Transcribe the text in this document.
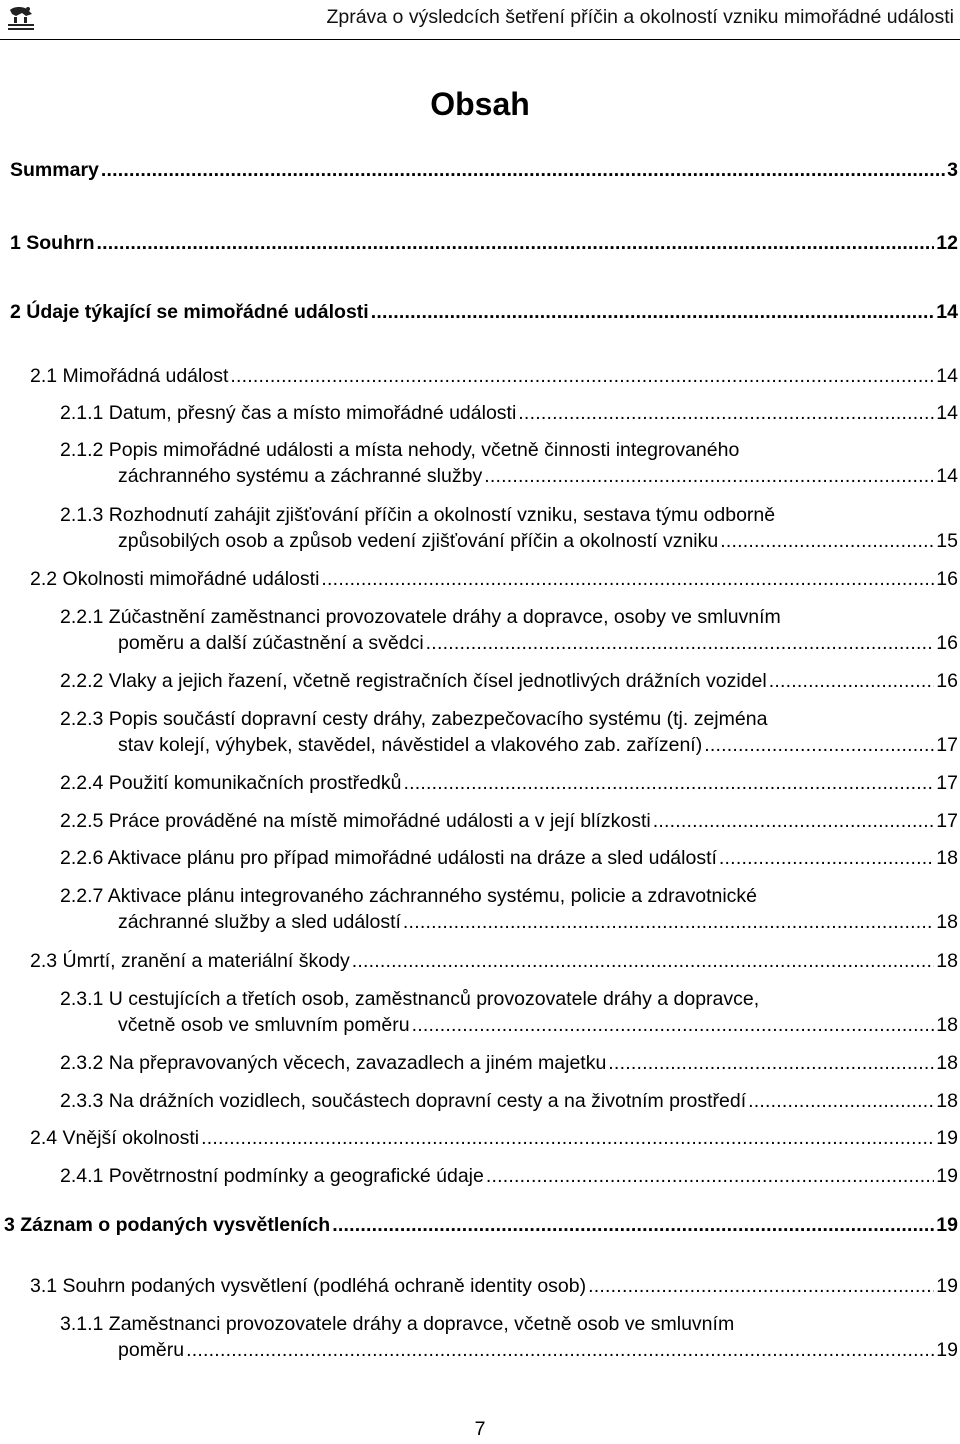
Zpráva o výsledcích šetření příčin a okolností vzniku mimořádné události
Obsah
Summary . . .	3
1 Souhrn . . .	12
2 Údaje týkající se mimořádné události . . .	14
2.1 Mimořádná událost . . .	14
2.1.1 Datum, přesný čas a místo mimořádné události . . .	14
2.1.2 Popis mimořádné události a místa nehody, včetně činnosti integrovaného
záchranného systému a záchranné služby . . .	14
2.1.3 Rozhodnutí zahájit zjišťování příčin a okolností vzniku, sestava týmu odborně
způsobilých osob a způsob vedení zjišťování příčin a okolností vzniku . . .	15
2.2 Okolnosti mimořádné události . . .	16
2.2.1 Zúčastnění zaměstnanci provozovatele dráhy a dopravce, osoby ve smluvním
poměru a další zúčastnění a svědci . . .	16
2.2.2 Vlaky a jejich řazení, včetně registračních čísel jednotlivých drážních vozidel . . .	16
2.2.3 Popis součástí dopravní cesty dráhy, zabezpečovacího systému (tj. zejména
stav kolejí, výhybek, stavědel, návěstidel a vlakového zab. zařízení) . . .	17
2.2.4 Použití komunikačních prostředků . . .	17
2.2.5 Práce prováděné na místě mimořádné události a v její blízkosti . . .	17
2.2.6 Aktivace plánu pro případ mimořádné události na dráze a sled událostí . . .	18
2.2.7 Aktivace plánu integrovaného záchranného systému, policie a zdravotnické
záchranné služby a sled událostí . . .	18
2.3 Úmrtí, zranění a materiální škody . . .	18
2.3.1 U cestujících a třetích osob, zaměstnanců provozovatele dráhy a dopravce,
včetně osob ve smluvním poměru . . .	18
2.3.2 Na přepravovaných věcech, zavazadlech a jiném majetku . . .	18
2.3.3 Na drážních vozidlech, součástech dopravní cesty a na životním prostředí . . .	18
2.4 Vnější okolnosti . . .	19
2.4.1 Povětrnostní podmínky a geografické údaje . . .	19
3 Záznam o podaných vysvětleních . . .	19
3.1 Souhrn podaných vysvětlení (podléhá ochraně identity osob) . . .	19
3.1.1 Zaměstnanci provozovatele dráhy a dopravce, včetně osob ve smluvním
poměru . . .	19
7
